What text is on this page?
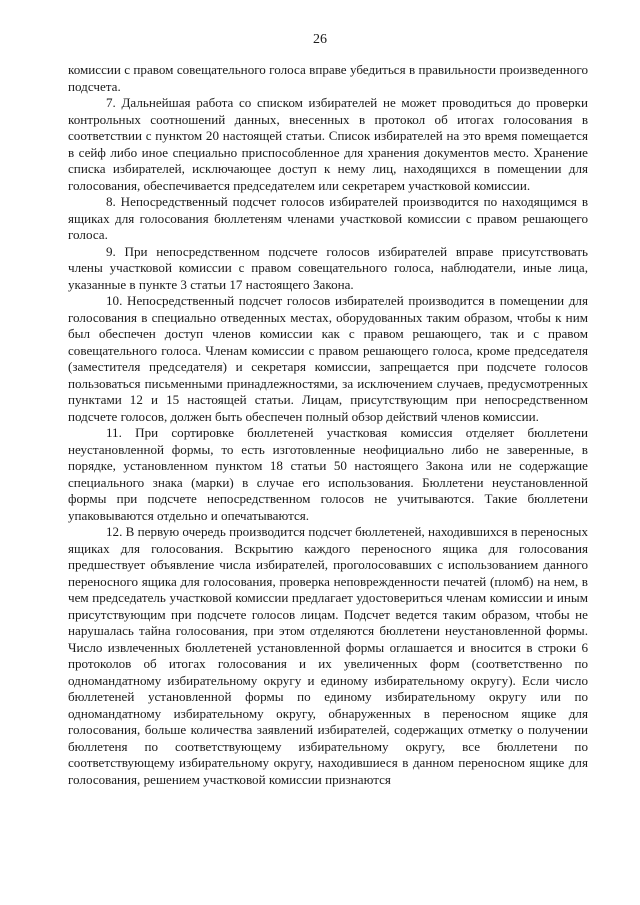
26

комиссии с правом совещательного голоса вправе убедиться в правильности произведенного подсчета.

7. Дальнейшая работа со списком избирателей не может проводиться до проверки контрольных соотношений данных, внесенных в протокол об итогах голосования в соответствии с пунктом 20 настоящей статьи. Список избирателей на это время помещается в сейф либо иное специально приспособленное для хранения документов место. Хранение списка избирателей, исключающее доступ к нему лиц, находящихся в помещении для голосования, обеспечивается председателем или секретарем участковой комиссии.

8. Непосредственный подсчет голосов избирателей производится по находящимся в ящиках для голосования бюллетеням членами участковой комиссии с правом решающего голоса.

9. При непосредственном подсчете голосов избирателей вправе присутствовать члены участковой комиссии с правом совещательного голоса, наблюдатели, иные лица, указанные в пункте 3 статьи 17 настоящего Закона.

10. Непосредственный подсчет голосов избирателей производится в помещении для голосования в специально отведенных местах, оборудованных таким образом, чтобы к ним был обеспечен доступ членов комиссии как с правом решающего, так и с правом совещательного голоса. Членам комиссии с правом решающего голоса, кроме председателя (заместителя председателя) и секретаря комиссии, запрещается при подсчете голосов пользоваться письменными принадлежностями, за исключением случаев, предусмотренных пунктами 12 и 15 настоящей статьи. Лицам, присутствующим при непосредственном подсчете голосов, должен быть обеспечен полный обзор действий членов комиссии.

11. При сортировке бюллетеней участковая комиссия отделяет бюллетени неустановленной формы, то есть изготовленные неофициально либо не заверенные, в порядке, установленном пунктом 18 статьи 50 настоящего Закона или не содержащие специального знака (марки) в случае его использования. Бюллетени неустановленной формы при подсчете непосредственном голосов не учитываются. Такие бюллетени упаковываются отдельно и опечатываются.

12. В первую очередь производится подсчет бюллетеней, находившихся в переносных ящиках для голосования. Вскрытию каждого переносного ящика для голосования предшествует объявление числа избирателей, проголосовавших с использованием данного переносного ящика для голосования, проверка неповрежденности печатей (пломб) на нем, в чем председатель участковой комиссии предлагает удостовериться членам комиссии и иным присутствующим при подсчете голосов лицам. Подсчет ведется таким образом, чтобы не нарушалась тайна голосования, при этом отделяются бюллетени неустановленной формы. Число извлеченных бюллетеней установленной формы оглашается и вносится в строки 6 протоколов об итогах голосования и их увеличенных форм (соответственно по одномандатному избирательному округу и единому избирательному округу). Если число бюллетеней установленной формы по единому избирательному округу или по одномандатному избирательному округу, обнаруженных в переносном ящике для голосования, больше количества заявлений избирателей, содержащих отметку о получении бюллетеня по соответствующему избирательному округу, все бюллетени по соответствующему избирательному округу, находившиеся в данном переносном ящике для голосования, решением участковой комиссии признаются
